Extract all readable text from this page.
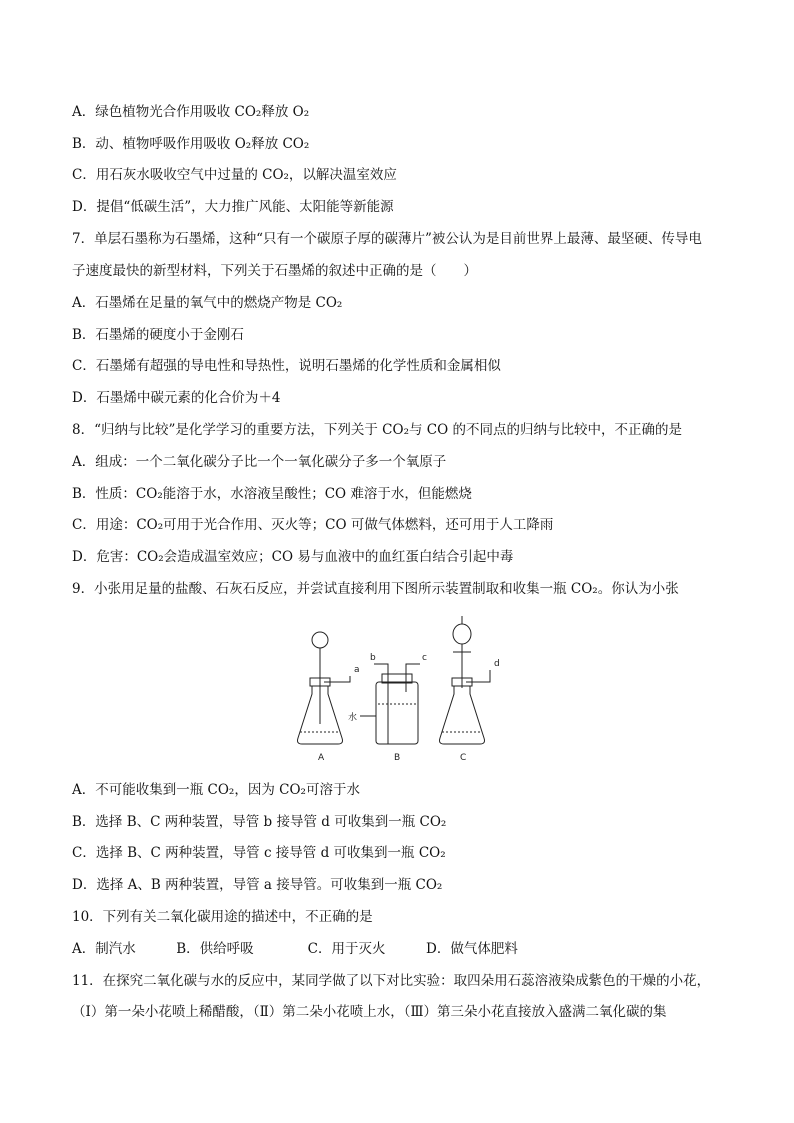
A．绿色植物光合作用吸收 CO₂释放 O₂
B．动、植物呼吸作用吸收 O₂释放 CO₂
C．用石灰水吸收空气中过量的 CO₂，以解决温室效应
D．提倡“低碳生活”，大力推广风能、太阳能等新能源
7．单层石墨称为石墨烯，这种“只有一个碳原子厚的碳薄片”被公认为是目前世界上最薄、最坚硬、传导电
子速度最快的新型材料，下列关于石墨烯的叙述中正确的是（　　）
A．石墨烯在足量的氧气中的燃烧产物是 CO₂
B．石墨烯的硬度小于金刚石
C．石墨烯有超强的导电性和导热性，说明石墨烯的化学性质和金属相似
D．石墨烯中碳元素的化合价为＋4
8．“归纳与比较”是化学学习的重要方法，下列关于 CO₂与 CO 的不同点的归纳与比较中，不正确的是
A．组成：一个二氧化碳分子比一个一氧化碳分子多一个氧原子
B．性质：CO₂能溶于水，水溶液呈酸性；CO 难溶于水，但能燃烧
C．用途：CO₂可用于光合作用、灭火等；CO 可做气体燃料，还可用于人工降雨
D．危害：CO₂会造成温室效应；CO 易与血液中的血红蛋白结合引起中毒
9．小张用足量的盐酸、石灰石反应，并尝试直接利用下图所示装置制取和收集一瓶 CO₂。你认为小张
a
b	c
d
水
A	B	C
A．不可能收集到一瓶 CO₂，因为 CO₂可溶于水
B．选择 B、C 两种装置，导管 b 接导管 d 可收集到一瓶 CO₂
C．选择 B、C 两种装置，导管 c 接导管 d 可收集到一瓶 CO₂
D．选择 A、B 两种装置，导管 a 接导管。可收集到一瓶 CO₂
10．下列有关二氧化碳用途的描述中，不正确的是
A．制汽水　　　B．供给呼吸　　　　C．用于灭火　　　D．做气体肥料
11．在探究二氧化碳与水的反应中，某同学做了以下对比实验：取四朵用石蕊溶液染成紫色的干燥的小花，
（Ⅰ）第一朵小花喷上稀醋酸，（Ⅱ）第二朵小花喷上水，（Ⅲ）第三朵小花直接放入盛满二氧化碳的集
